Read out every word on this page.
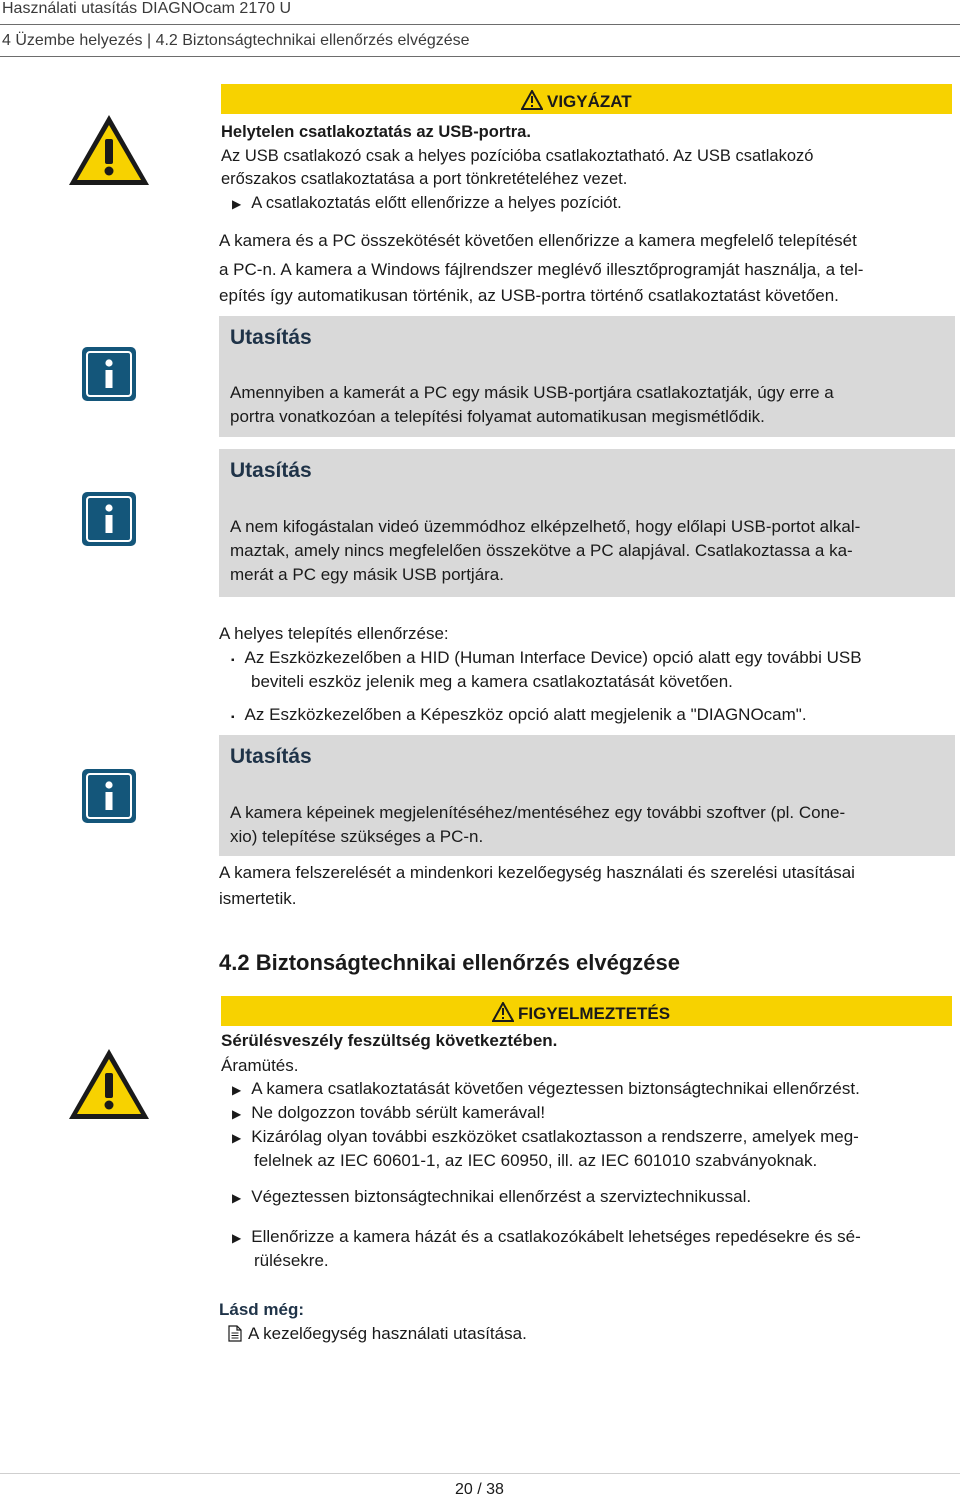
Használati utasítás DIAGNOcam 2170 U
4 Üzembe helyezés | 4.2 Biztonságtechnikai ellenőrzés elvégzése
VIGYÁZAT
Helytelen csatlakoztatás az USB-portra.
Az USB csatlakozó csak a helyes pozícióba csatlakoztatható. Az USB csatlakozó
erőszakos csatlakoztatása a port tönkretételéhez vezet.
▶ A csatlakoztatás előtt ellenőrizze a helyes pozíciót.
A kamera és a PC összekötését követően ellenőrizze a kamera megfelelő telepítését
a PC-n. A kamera a Windows fájlrendszer meglévő illesztőprogramját használja, a tel-
epítés így automatikusan történik, az USB-portra történő csatlakoztatást követően.
Utasítás
Amennyiben a kamerát a PC egy másik USB-portjára csatlakoztatják, úgy erre a
portra vonatkozóan a telepítési folyamat automatikusan megismétlődik.
Utasítás
A nem kifogástalan videó üzemmódhoz elképzelhető, hogy előlapi USB-portot alkal-
maztak, amely nincs megfelelően összekötve a PC alapjával. Csatlakoztassa a ka-
merát a PC egy másik USB portjára.
A helyes telepítés ellenőrzése:
▪ Az Eszközkezelőben a HID (Human Interface Device) opció alatt egy további USB
beviteli eszköz jelenik meg a kamera csatlakoztatását követően.
▪ Az Eszközkezelőben a Képeszköz opció alatt megjelenik a "DIAGNOcam".
Utasítás
A kamera képeinek megjelenítéséhez/mentéséhez egy további szoftver (pl. Cone-
xio) telepítése szükséges a PC-n.
A kamera felszerelését a mindenkori kezelőegység használati és szerelési utasításai
ismertetik.
4.2 Biztonságtechnikai ellenőrzés elvégzése
FIGYELMEZTETÉS
Sérülésveszély feszültség következtében.
Áramütés.
▶ A kamera csatlakoztatását követően végeztessen biztonságtechnikai ellenőrzést.
▶ Ne dolgozzon tovább sérült kamerával!
▶ Kizárólag olyan további eszközöket csatlakoztasson a rendszerre, amelyek meg-
felelnek az IEC 60601-1, az IEC 60950, ill. az IEC 601010 szabványoknak.
▶ Végeztessen biztonságtechnikai ellenőrzést a szerviztechnikussal.
▶ Ellenőrizze a kamera házát és a csatlakozókábelt lehetséges repedésekre és sé-
rülésekre.
Lásd még:
A kezelőegység használati utasítása.
20 / 38
